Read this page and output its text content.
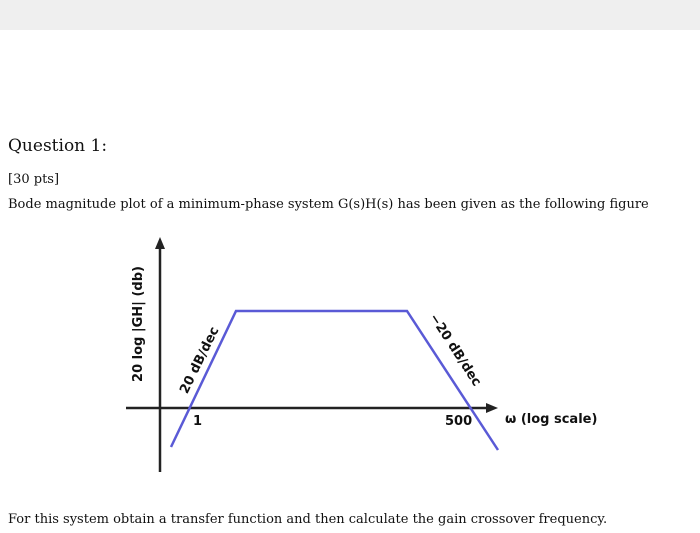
Question 1:
[30 pts]
Bode magnitude plot of a minimum-phase system G(s)H(s) has been given as the following figure
20 log |GH| (db) 20 dB/dec	−20 dB/dec
1	500	ω (log scale)
For this system obtain a transfer function and then calculate the gain crossover frequency.
